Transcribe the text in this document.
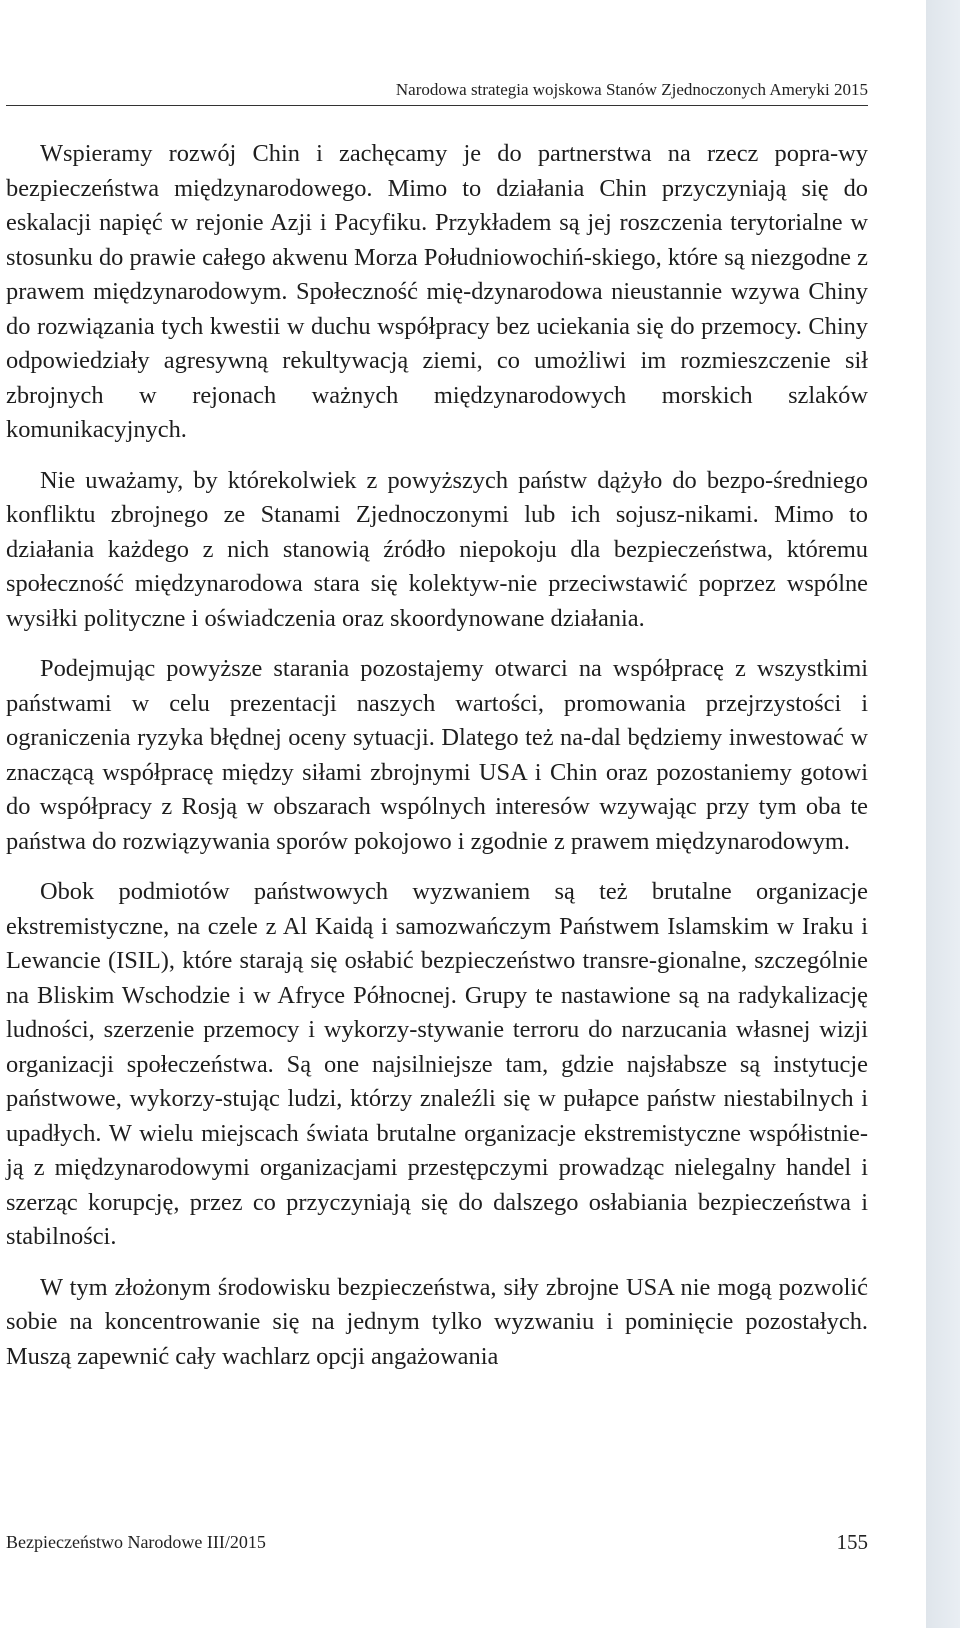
Narodowa strategia wojskowa Stanów Zjednoczonych Ameryki 2015

Wspieramy rozwój Chin i zachęcamy je do partnerstwa na rzecz popra-wy bezpieczeństwa międzynarodowego. Mimo to działania Chin przyczyniają się do eskalacji napięć w rejonie Azji i Pacyfiku. Przykładem są jej roszczenia terytorialne w stosunku do prawie całego akwenu Morza Południowochiń-skiego, które są niezgodne z prawem międzynarodowym. Społeczność mię-dzynarodowa nieustannie wzywa Chiny do rozwiązania tych kwestii w duchu współpracy bez uciekania się do przemocy. Chiny odpowiedziały agresywną rekultywacją ziemi, co umożliwi im rozmieszczenie sił zbrojnych w rejonach ważnych międzynarodowych morskich szlaków komunikacyjnych.

Nie uważamy, by którekolwiek z powyższych państw dążyło do bezpo-średniego konfliktu zbrojnego ze Stanami Zjednoczonymi lub ich sojusz-nikami. Mimo to działania każdego z nich stanowią źródło niepokoju dla bezpieczeństwa, któremu społeczność międzynarodowa stara się kolektyw-nie przeciwstawić poprzez wspólne wysiłki polityczne i oświadczenia oraz skoordynowane działania.

Podejmując powyższe starania pozostajemy otwarci na współpracę z wszystkimi państwami w celu prezentacji naszych wartości, promowania przejrzystości i ograniczenia ryzyka błędnej oceny sytuacji. Dlatego też na-dal będziemy inwestować w znaczącą współpracę między siłami zbrojnymi USA i Chin oraz pozostaniemy gotowi do współpracy z Rosją w obszarach wspólnych interesów wzywając przy tym oba te państwa do rozwiązywania sporów pokojowo i zgodnie z prawem międzynarodowym.

Obok podmiotów państwowych wyzwaniem są też brutalne organizacje ekstremistyczne, na czele z Al Kaidą i samozwańczym Państwem Islamskim w Iraku i Lewancie (ISIL), które starają się osłabić bezpieczeństwo transre-gionalne, szczególnie na Bliskim Wschodzie i w Afryce Północnej. Grupy te nastawione są na radykalizację ludności, szerzenie przemocy i wykorzy-stywanie terroru do narzucania własnej wizji organizacji społeczeństwa. Są one najsilniejsze tam, gdzie najsłabsze są instytucje państwowe, wykorzy-stując ludzi, którzy znaleźli się w pułapce państw niestabilnych i upadłych. W wielu miejscach świata brutalne organizacje ekstremistyczne współistnie-ją z międzynarodowymi organizacjami przestępczymi prowadząc nielegalny handel i szerząc korupcję, przez co przyczyniają się do dalszego osłabiania bezpieczeństwa i stabilności.

W tym złożonym środowisku bezpieczeństwa, siły zbrojne USA nie mogą pozwolić sobie na koncentrowanie się na jednym tylko wyzwaniu i pominięcie pozostałych. Muszą zapewnić cały wachlarz opcji angażowania

Bezpieczeństwo Narodowe III/2015	155
